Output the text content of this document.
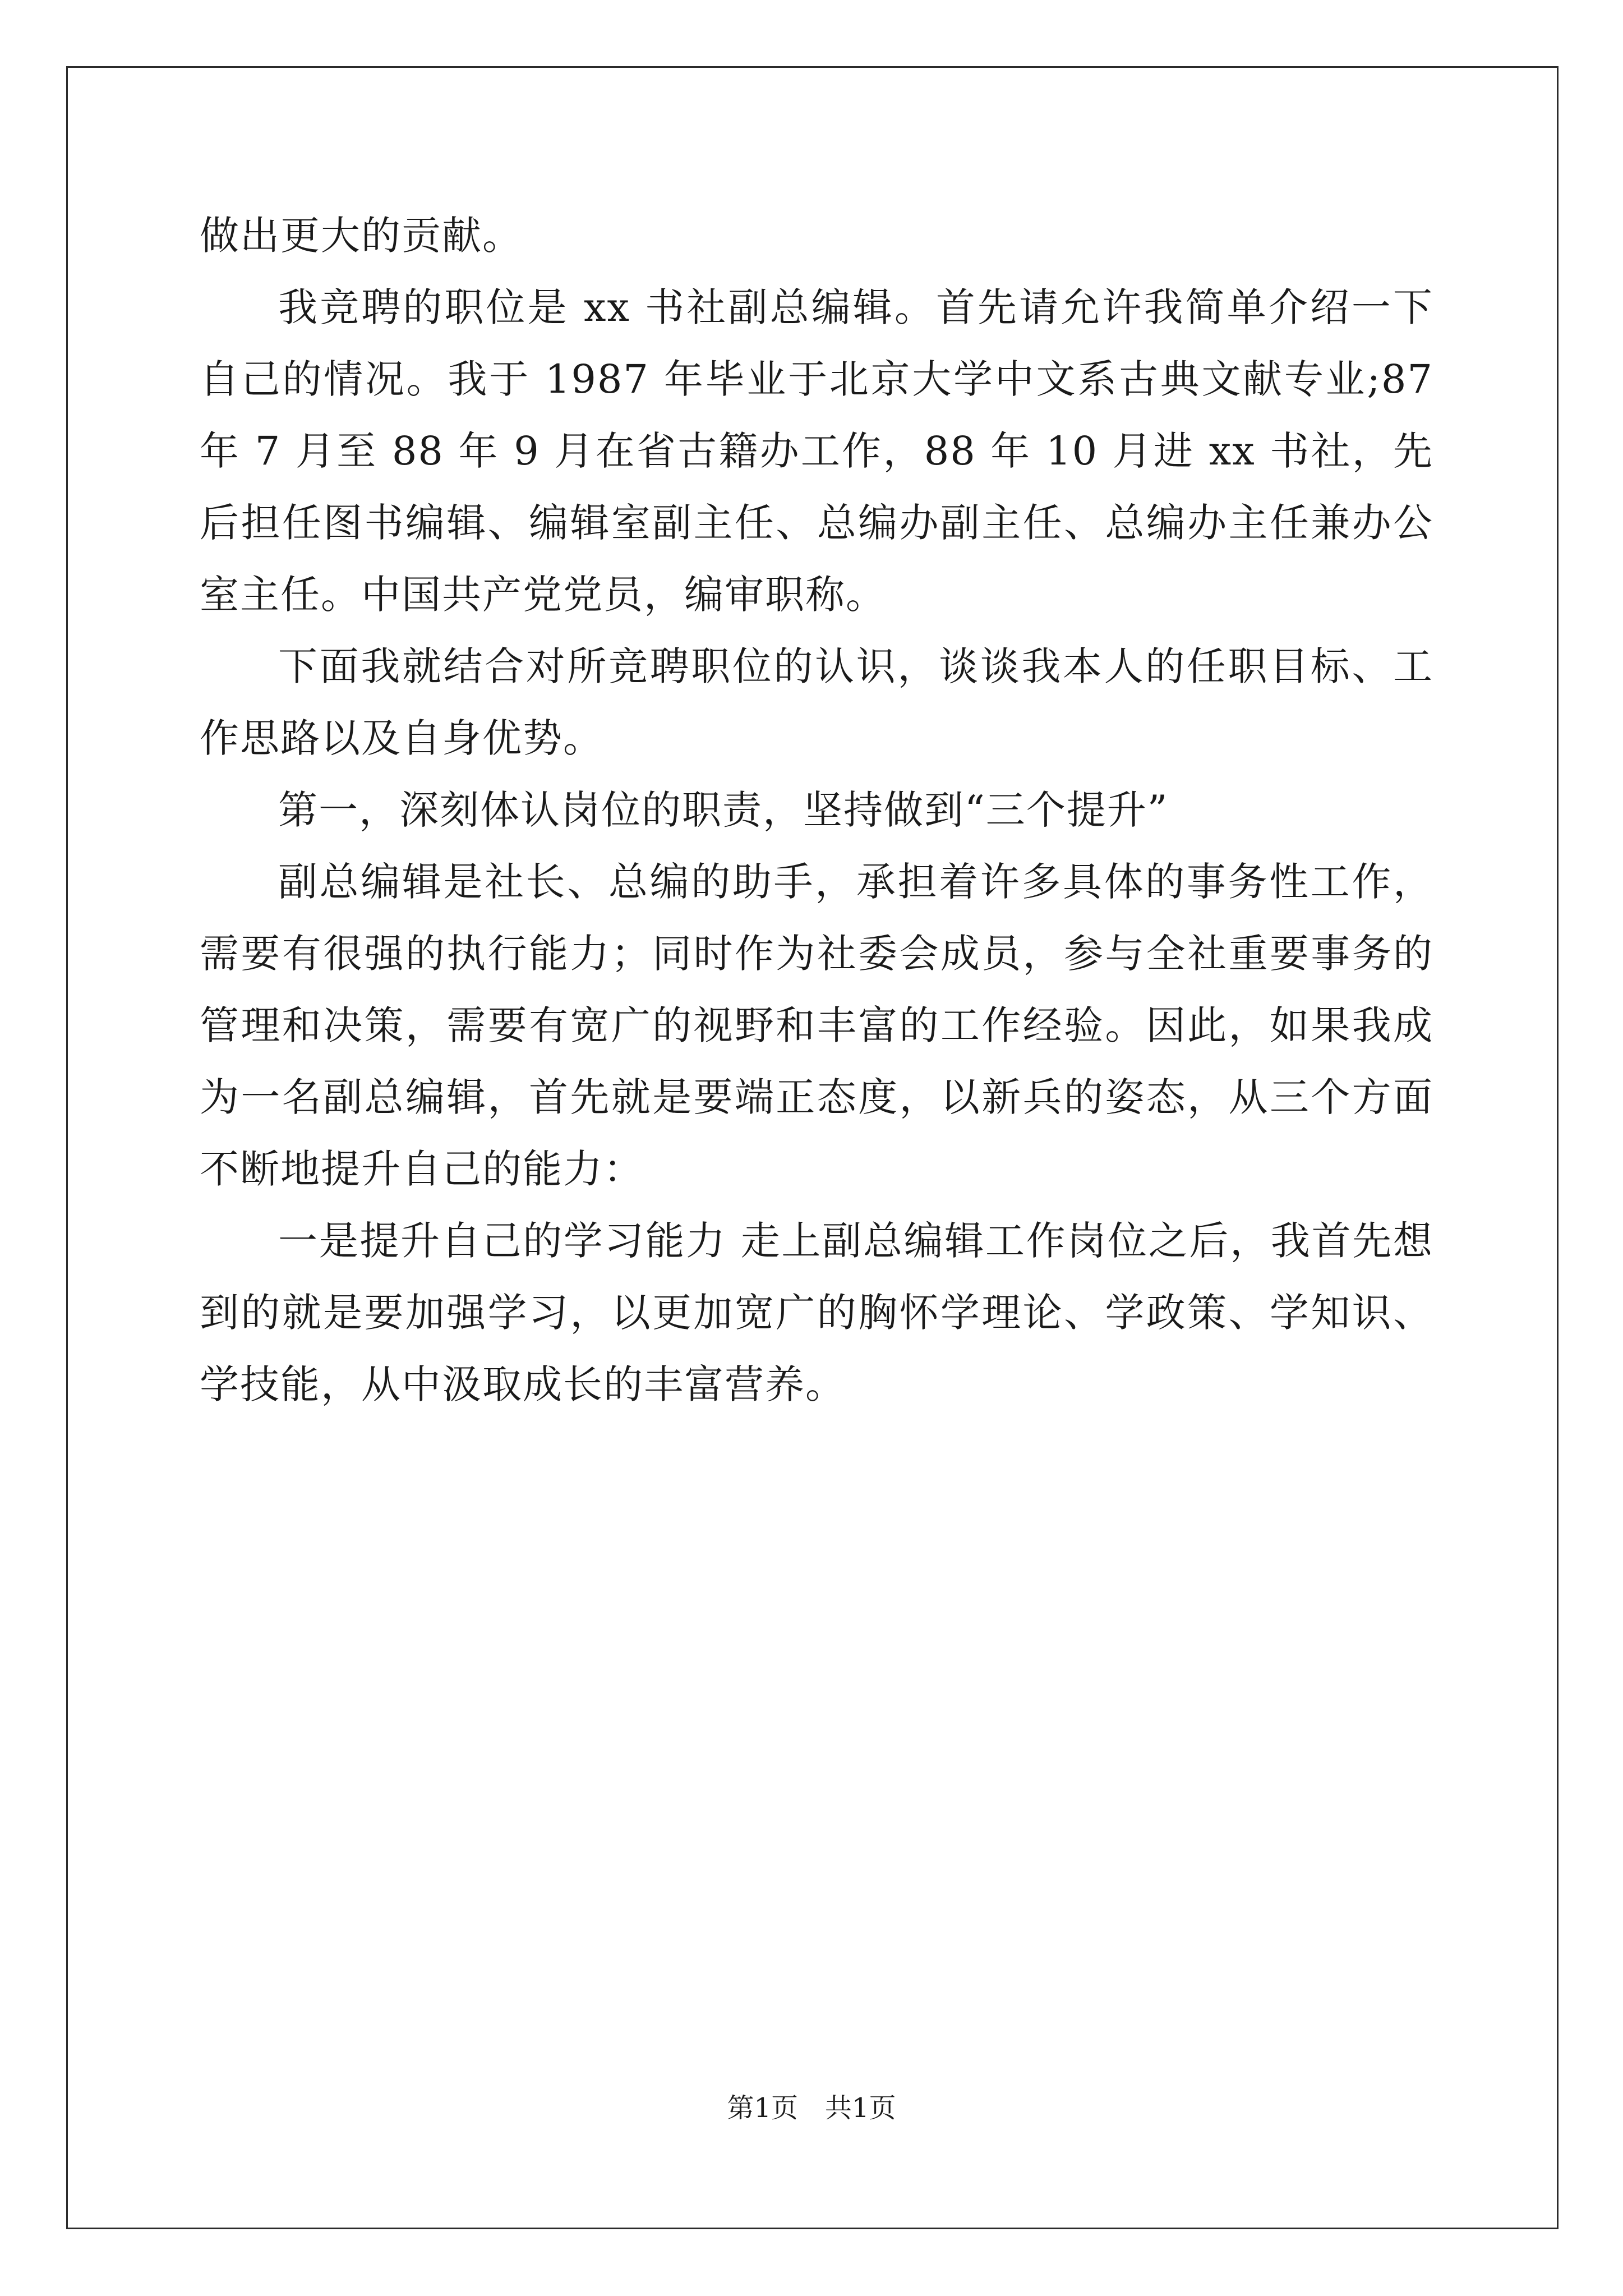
做出更大的贡献。

我竞聘的职位是 xx 书社副总编辑。首先请允许我简单介绍一下自己的情况。我于 1987 年毕业于北京大学中文系古典文献专业;87 年 7 月至 88 年 9 月在省古籍办工作，88 年 10 月进 xx 书社，先后担任图书编辑、编辑室副主任、总编办副主任、总编办主任兼办公室主任。中国共产党党员，编审职称。

下面我就结合对所竞聘职位的认识，谈谈我本人的任职目标、工作思路以及自身优势。

第一，深刻体认岗位的职责，坚持做到“三个提升”

副总编辑是社长、总编的助手，承担着许多具体的事务性工作，需要有很强的执行能力；同时作为社委会成员，参与全社重要事务的管理和决策，需要有宽广的视野和丰富的工作经验。因此，如果我成为一名副总编辑，首先就是要端正态度，以新兵的姿态，从三个方面不断地提升自己的能力：

一是提升自己的学习能力 走上副总编辑工作岗位之后，我首先想到的就是要加强学习，以更加宽广的胸怀学理论、学政策、学知识、学技能，从中汲取成长的丰富营养。

第1页 共1页
